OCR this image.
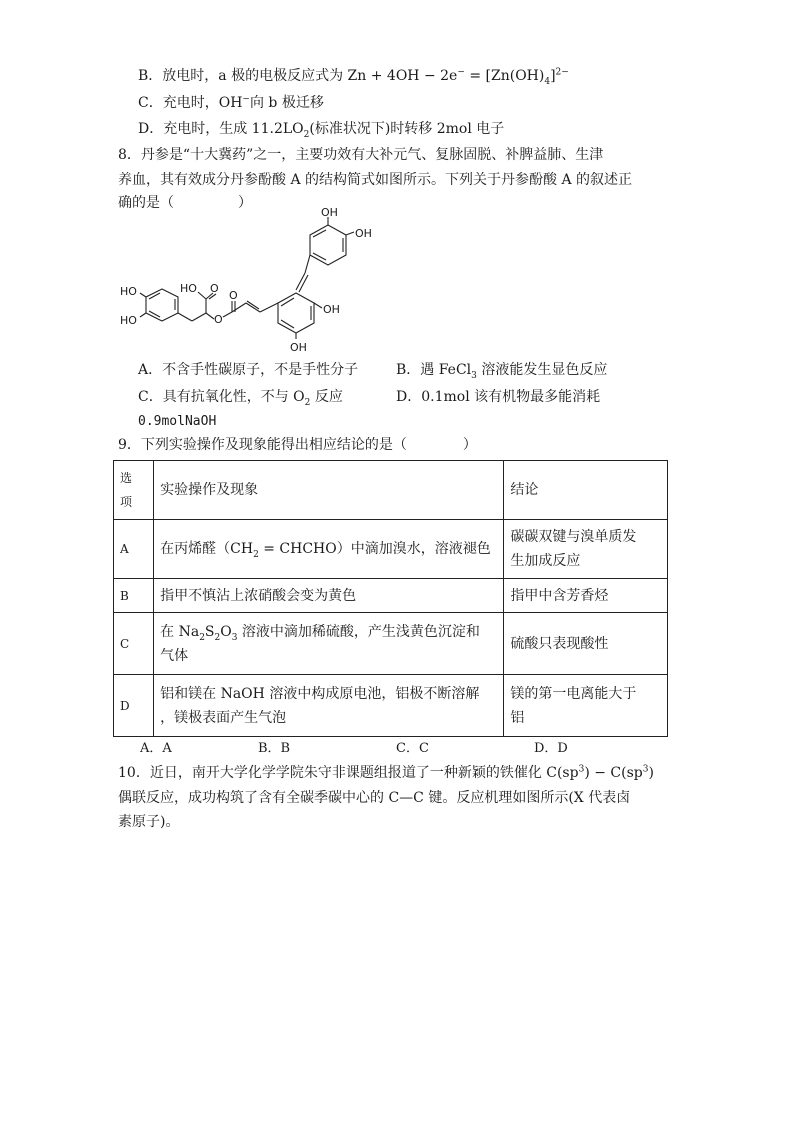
B．放电时，a 极的电极反应式为 $Zn + 4OH - 2e^- = [Zn(OH)_4]^{2-}$
C．充电时，OH−向 b 极迁移
D．充电时，生成 $11.2LO_2$(标准状况下)时转移 2mol 电子
8．丹参是“十大冀药”之一，主要功效有大补元气、复脉固脱、补脾益肺、生津
养血，其有效成分丹参酚酸 A 的结构简式如图所示。下列关于丹参酚酸 A 的叙述正
确的是（	）
OH
OH
HO
HO
HO O
O
O
OH
OH
A．不含手性碳原子，不是手性分子	B．遇 FeCl$_3$ 溶液能发生显色反应
C．具有抗氧化性，不与 $O_2$ 反应	D．0.1mol 该有机物最多能消耗
0.9molNaOH
9．下列实验操作及现象能得出相应结论的是（	）
选
项	实验操作及现象	结论
A	在丙烯醛（$CH_2$ = CHCHO）中滴加溴水，溶液褪色	碳碳双键与溴单质发
生加成反应
B	指甲不慎沾上浓硝酸会变为黄色	指甲中含芳香烃
C	在 $Na_2S_2O_3$ 溶液中滴加稀硫酸，产生浅黄色沉淀和
气体	硫酸只表现酸性
D	铝和镁在 NaOH 溶液中构成原电池，铝极不断溶解
，镁极表面产生气泡	镁的第一电离能大于
铝
A．A	B．B	C．C	D．D
10．近日，南开大学化学学院朱守非课题组报道了一种新颖的铁催化 $C(sp^3) - C(sp^3)$
偶联反应，成功构筑了含有全碳季碳中心的 C—C 键。反应机理如图所示(X 代表卤
素原子)。
